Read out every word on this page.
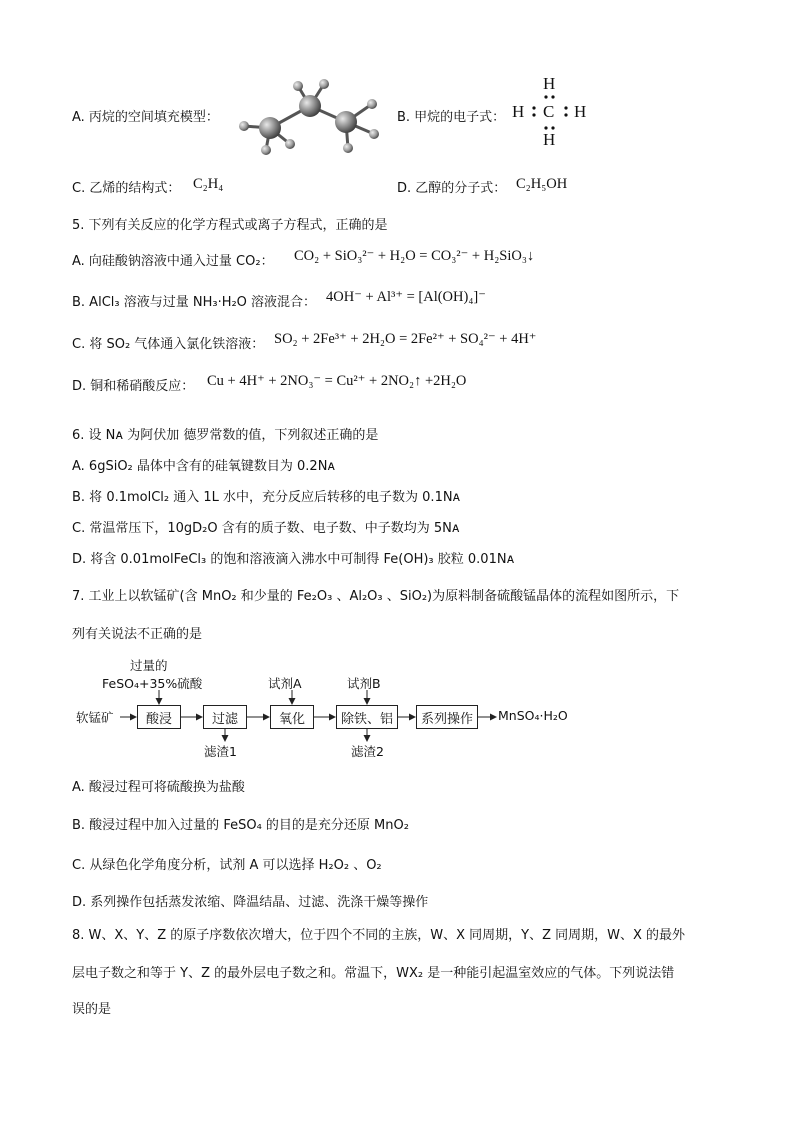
A. 丙烷的空间填充模型：	B. 甲烷的电子式：
H
H C H
H
C. 乙烯的结构式： C₂H₄	D. 乙醇的分子式： C₂H₅OH
5. 下列有关反应的化学方程式或离子方程式，正确的是
A. 向硅酸钠溶液中通入过量 CO₂： CO₂ + SiO₃²⁻ + H₂O = CO₃²⁻ + H₂SiO₃↓
B. AlCl₃ 溶液与过量 NH₃·H₂O 溶液混合： 4OH⁻ + Al³⁺ = [Al(OH)₄]⁻
C. 将 SO₂ 气体通入氯化铁溶液： SO₂ + 2Fe³⁺ + 2H₂O = 2Fe²⁺ + SO₄²⁻ + 4H⁺
D. 铜和稀硝酸反应： Cu + 4H⁺ + 2NO₃⁻ = Cu²⁺ + 2NO₂↑ +2H₂O
6. 设 Nᴀ 为阿伏加 德罗常数的值，下列叙述正确的是
A. 6gSiO₂ 晶体中含有的硅氧键数目为 0.2Nᴀ
B. 将 0.1molCl₂ 通入 1L 水中，充分反应后转移的电子数为 0.1Nᴀ
C. 常温常压下，10gD₂O 含有的质子数、电子数、中子数均为 5Nᴀ
D. 将含 0.01molFeCl₃ 的饱和溶液滴入沸水中可制得 Fe(OH)₃ 胶粒 0.01Nᴀ
7. 工业上以软锰矿(含 MnO₂ 和少量的 Fe₂O₃ 、Al₂O₃ 、SiO₂)为原料制备硫酸锰晶体的流程如图所示，下
列有关说法不正确的是
过量的
FeSO₄+35%硫酸	试剂A	试剂B
软锰矿	酸浸	过滤	氧化	除铁、铝	系列操作	MnSO₄·H₂O
滤渣1	滤渣2
A. 酸浸过程可将硫酸换为盐酸
B. 酸浸过程中加入过量的 FeSO₄ 的目的是充分还原 MnO₂
C. 从绿色化学角度分析，试剂 A 可以选择 H₂O₂ 、O₂
D. 系列操作包括蒸发浓缩、降温结晶、过滤、洗涤干燥等操作
8. W、X、Y、Z 的原子序数依次增大，位于四个不同的主族，W、X 同周期，Y、Z 同周期，W、X 的最外
层电子数之和等于 Y、Z 的最外层电子数之和。常温下，WX₂ 是一种能引起温室效应的气体。下列说法错
误的是
